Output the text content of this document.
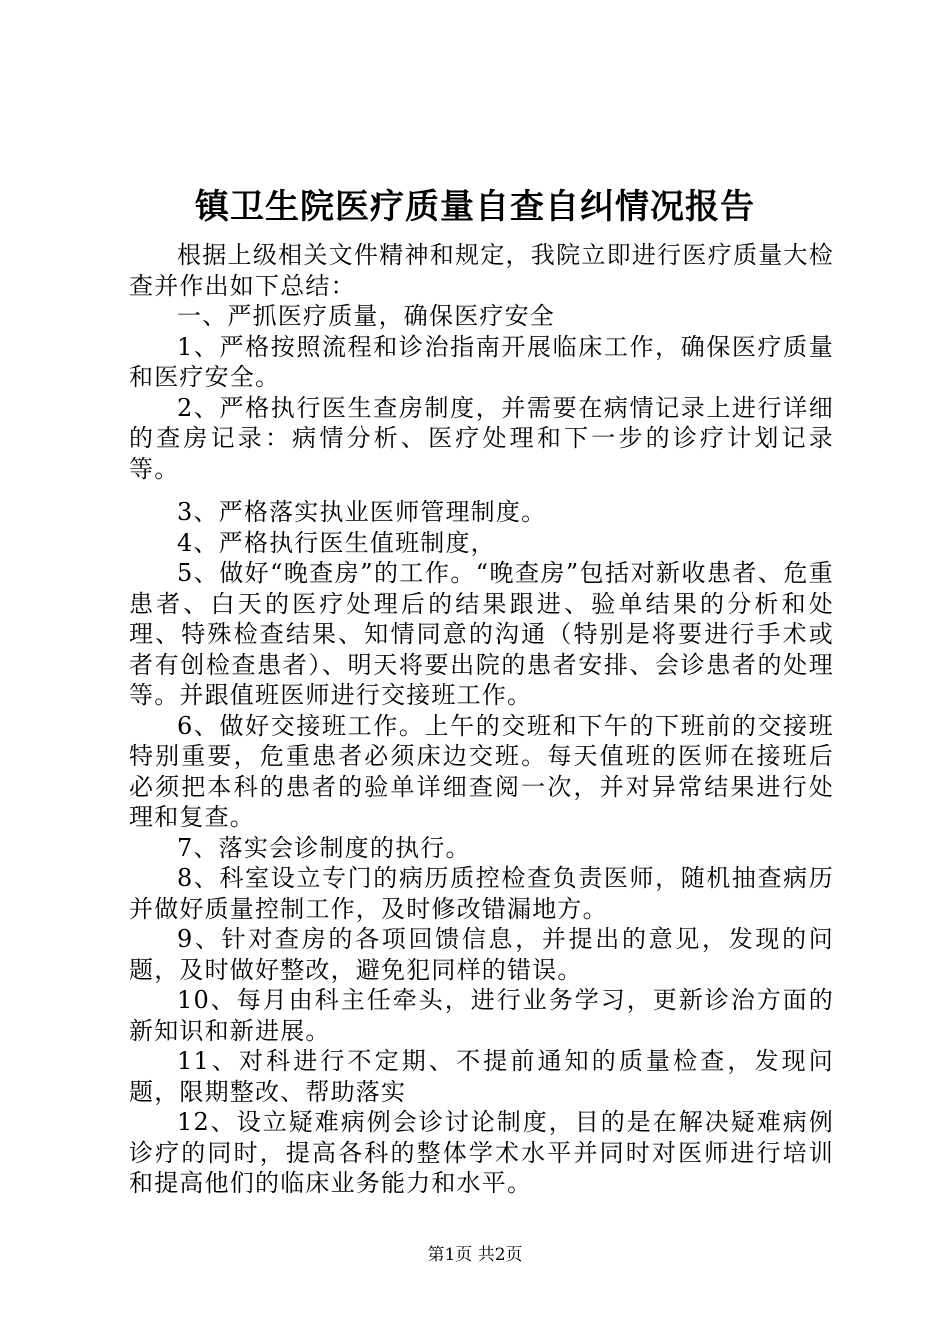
镇卫生院医疗质量自查自纠情况报告

根据上级相关文件精神和规定，我院立即进行医疗质量大检查并作出如下总结：

一、严抓医疗质量，确保医疗安全

1、严格按照流程和诊治指南开展临床工作，确保医疗质量和医疗安全。

2、严格执行医生查房制度，并需要在病情记录上进行详细的查房记录：病情分析、医疗处理和下一步的诊疗计划记录等。

3、严格落实执业医师管理制度。

4、严格执行医生值班制度，

5、做好“晚查房”的工作。“晚查房”包括对新收患者、危重患者、白天的医疗处理后的结果跟进、验单结果的分析和处理、特殊检查结果、知情同意的沟通（特别是将要进行手术或者有创检查患者）、明天将要出院的患者安排、会诊患者的处理等。并跟值班医师进行交接班工作。

6、做好交接班工作。上午的交班和下午的下班前的交接班特别重要，危重患者必须床边交班。每天值班的医师在接班后必须把本科的患者的验单详细查阅一次，并对异常结果进行处理和复查。

7、落实会诊制度的执行。

8、科室设立专门的病历质控检查负责医师，随机抽查病历并做好质量控制工作，及时修改错漏地方。

9、针对查房的各项回馈信息，并提出的意见，发现的问题，及时做好整改，避免犯同样的错误。

10、每月由科主任牵头，进行业务学习，更新诊治方面的新知识和新进展。

11、对科进行不定期、不提前通知的质量检查，发现问题，限期整改、帮助落实

12、设立疑难病例会诊讨论制度，目的是在解决疑难病例诊疗的同时，提高各科的整体学术水平并同时对医师进行培训和提高他们的临床业务能力和水平。

第1页 共2页
